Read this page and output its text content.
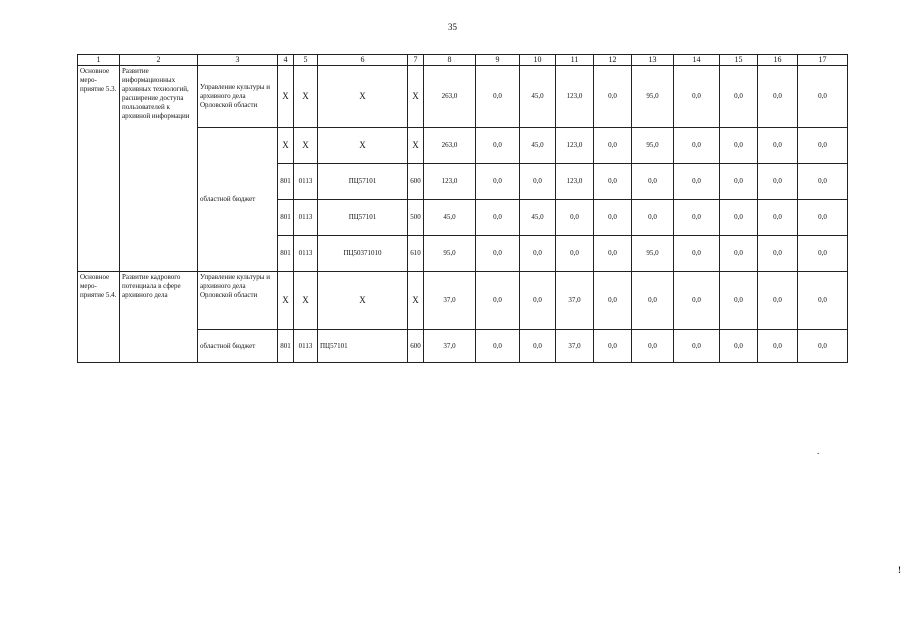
35
1	2	3	4	5	6	7	8	9	10	11	12	13	14	15	16	17
Основное меро-приятие 5.3.	Развитие информационных архивных технологий, расширение доступа пользователей к архивной информации	Управление культуры и архивного дела Орловской области	Х	Х	Х	Х	263,0	0,0	45,0	123,0	0,0	95,0	0,0	0,0	0,0	0,0
		областной бюджет	Х	Х	Х	Х	263,0	0,0	45,0	123,0	0,0	95,0	0,0	0,0	0,0	0,0
			801	0113	ПЦ57101	600	123,0	0,0	0,0	123,0	0,0	0,0	0,0	0,0	0,0	0,0
			801	0113	ПЦ57101	500	45,0	0,0	45,0	0,0	0,0	0,0	0,0	0,0	0,0	0,0
			801	0113	ПЦ50371010	610	95,0	0,0	0,0	0,0	0,0	95,0	0,0	0,0	0,0	0,0
Основное меро-приятие 5.4.	Развитие кадрового потенциала в сфере архивного дела	Управление культуры и архивного дела Орловской области	Х	Х	Х	Х	37,0	0,0	0,0	37,0	0,0	0,0	0,0	0,0	0,0	0,0
		областной бюджет	801	0113	ПЦ57101	600	37,0	0,0	0,0	37,0	0,0	0,0	0,0	0,0	0,0	0,0
.
!
